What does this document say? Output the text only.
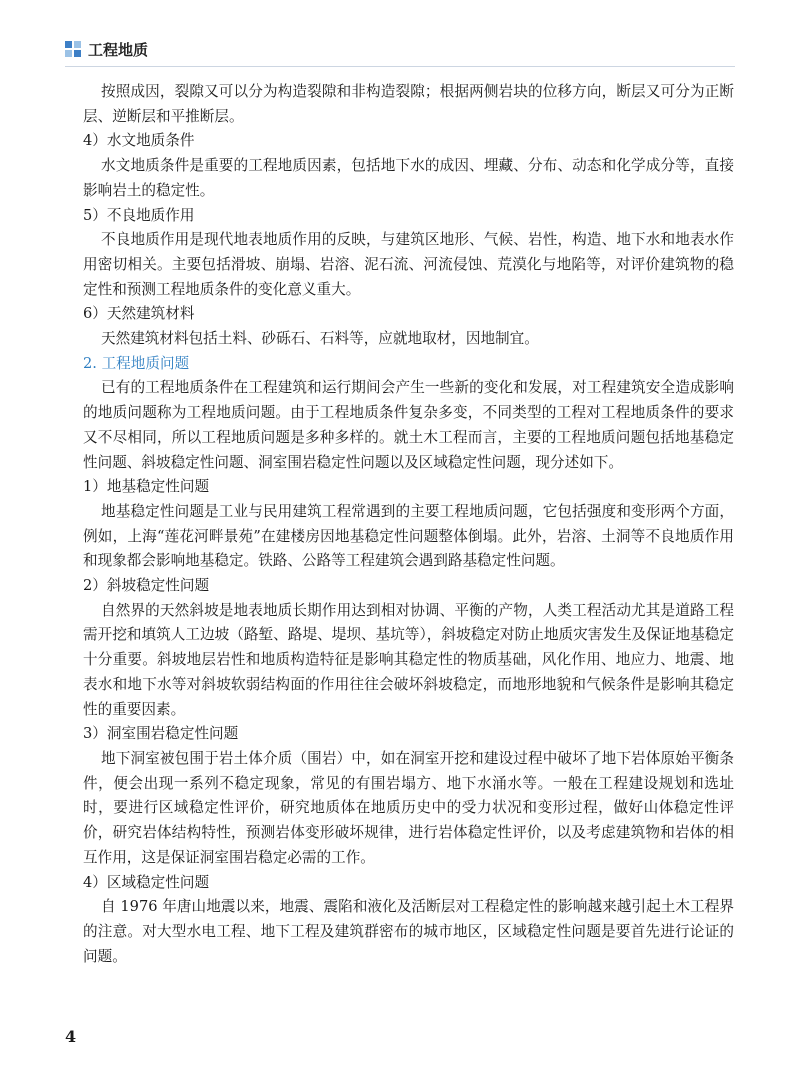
工程地质

按照成因，裂隙又可以分为构造裂隙和非构造裂隙；根据两侧岩块的位移方向，断层又可分为正断层、逆断层和平推断层。

4）水文地质条件

水文地质条件是重要的工程地质因素，包括地下水的成因、埋藏、分布、动态和化学成分等，直接影响岩土的稳定性。

5）不良地质作用

不良地质作用是现代地表地质作用的反映，与建筑区地形、气候、岩性，构造、地下水和地表水作用密切相关。主要包括滑坡、崩塌、岩溶、泥石流、河流侵蚀、荒漠化与地陷等，对评价建筑物的稳定性和预测工程地质条件的变化意义重大。

6）天然建筑材料

天然建筑材料包括土料、砂砾石、石料等，应就地取材，因地制宜。

2. 工程地质问题

已有的工程地质条件在工程建筑和运行期间会产生一些新的变化和发展，对工程建筑安全造成影响的地质问题称为工程地质问题。由于工程地质条件复杂多变，不同类型的工程对工程地质条件的要求又不尽相同，所以工程地质问题是多种多样的。就土木工程而言，主要的工程地质问题包括地基稳定性问题、斜坡稳定性问题、洞室围岩稳定性问题以及区域稳定性问题，现分述如下。

1）地基稳定性问题

地基稳定性问题是工业与民用建筑工程常遇到的主要工程地质问题，它包括强度和变形两个方面，例如，上海“莲花河畔景苑”在建楼房因地基稳定性问题整体倒塌。此外，岩溶、土洞等不良地质作用和现象都会影响地基稳定。铁路、公路等工程建筑会遇到路基稳定性问题。

2）斜坡稳定性问题

自然界的天然斜坡是地表地质长期作用达到相对协调、平衡的产物，人类工程活动尤其是道路工程需开挖和填筑人工边坡（路堑、路堤、堤坝、基坑等），斜坡稳定对防止地质灾害发生及保证地基稳定十分重要。斜坡地层岩性和地质构造特征是影响其稳定性的物质基础，风化作用、地应力、地震、地表水和地下水等对斜坡软弱结构面的作用往往会破坏斜坡稳定，而地形地貌和气候条件是影响其稳定性的重要因素。

3）洞室围岩稳定性问题

地下洞室被包围于岩土体介质（围岩）中，如在洞室开挖和建设过程中破坏了地下岩体原始平衡条件，便会出现一系列不稳定现象，常见的有围岩塌方、地下水涌水等。一般在工程建设规划和选址时，要进行区域稳定性评价，研究地质体在地质历史中的受力状况和变形过程，做好山体稳定性评价，研究岩体结构特性，预测岩体变形破坏规律，进行岩体稳定性评价，以及考虑建筑物和岩体的相互作用，这是保证洞室围岩稳定必需的工作。

4）区域稳定性问题

自 1976 年唐山地震以来，地震、震陷和液化及活断层对工程稳定性的影响越来越引起土木工程界的注意。对大型水电工程、地下工程及建筑群密布的城市地区，区域稳定性问题是要首先进行论证的问题。

4
